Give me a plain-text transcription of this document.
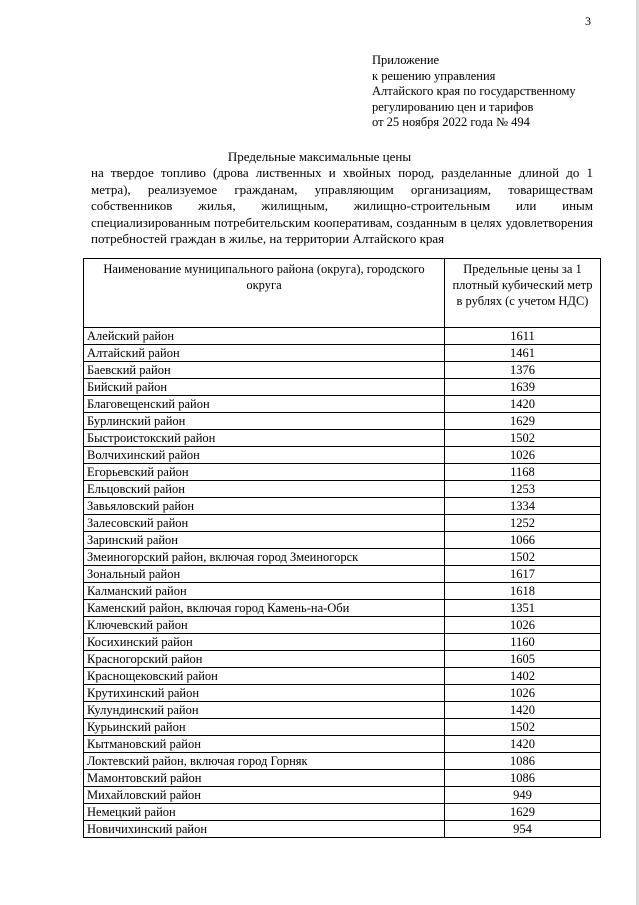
3
Приложение
к решению управления
Алтайского края по государственному
регулированию цен и тарифов
от 25 ноября 2022 года № 494
Предельные максимальные цены
на твердое топливо (дрова лиственных и хвойных пород, разделанные длиной до 1 метра), реализуемое гражданам, управляющим организациям, товариществам собственников жилья, жилищным, жилищно-строительным или иным специализированным потребительским кооперативам, созданным в целях удовлетворения потребностей граждан в жилье, на территории Алтайского края
Наименование муниципального района (округа), городского округа	Предельные цены за 1 плотный кубический метр в рублях (с учетом НДС)
Алейский район	1611
Алтайский район	1461
Баевский район	1376
Бийский район	1639
Благовещенский район	1420
Бурлинский район	1629
Быстроистокский район	1502
Волчихинский район	1026
Егорьевский район	1168
Ельцовский район	1253
Завьяловский район	1334
Залесовский район	1252
Заринский район	1066
Змеиногорский район, включая город Змеиногорск	1502
Зональный район	1617
Калманский район	1618
Каменский район, включая город Камень-на-Оби	1351
Ключевский район	1026
Косихинский район	1160
Красногорский район	1605
Краснощековский район	1402
Крутихинский район	1026
Кулундинский район	1420
Курьинский район	1502
Кытмановский район	1420
Локтевский район, включая город Горняк	1086
Мамонтовский район	1086
Михайловский район	949
Немецкий район	1629
Новичихинский район	954
